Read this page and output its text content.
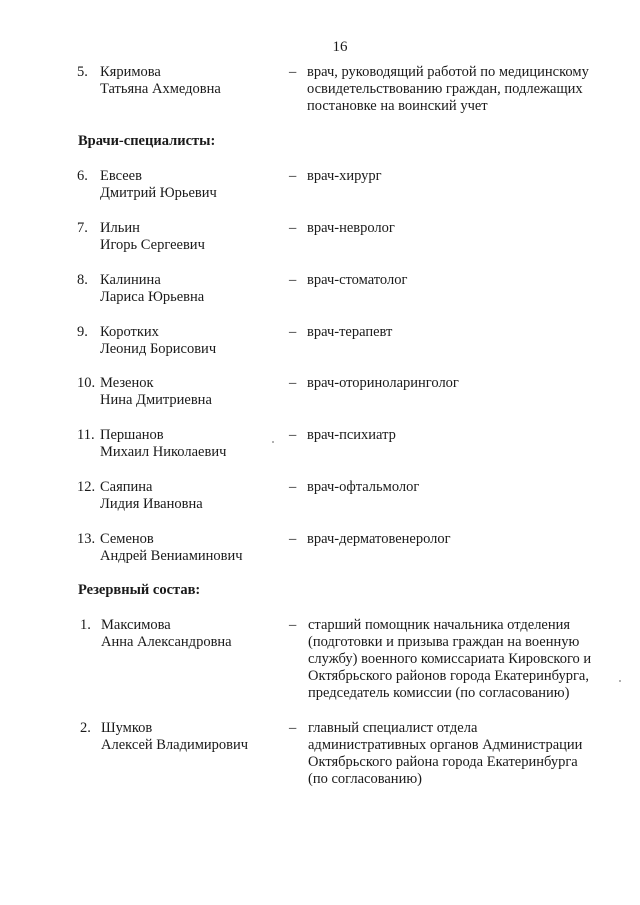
16
5. Кяримова
Татьяна Ахмедовна
– врач, руководящий работой по медицинскому
освидетельствованию граждан, подлежащих
постановке на воинский учет
Врачи-специалисты:
6. Евсеев
Дмитрий Юрьевич
– врач-хирург
7. Ильин
Игорь Сергеевич
– врач-невролог
8. Калинина
Лариса Юрьевна
– врач-стоматолог
9. Коротких
Леонид Борисович
– врач-терапевт
10. Мезенок
Нина Дмитриевна
– врач-оториноларинголог
11. Першанов
Михаил Николаевич
– врач-психиатр
12. Саяпина
Лидия Ивановна
– врач-офтальмолог
13. Семенов
Андрей Вениаминович
– врач-дерматовенеролог
Резервный состав:
1. Максимова
Анна Александровна
– старший помощник начальника отделения
(подготовки и призыва граждан на военную
службу) военного комиссариата Кировского и
Октябрьского районов города Екатеринбурга,
председатель комиссии (по согласованию)
2. Шумков
Алексей Владимирович
– главный специалист отдела
административных органов Администрации
Октябрьского района города Екатеринбурга
(по согласованию)
